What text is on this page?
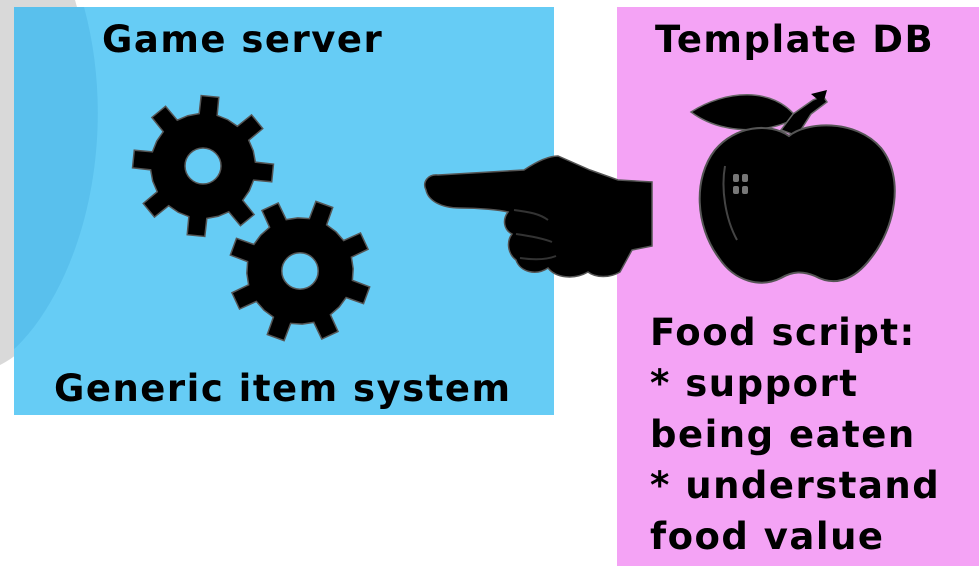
Game server
Generic item system
Template DB
Food script:
* support
being eaten
* understand
food value
